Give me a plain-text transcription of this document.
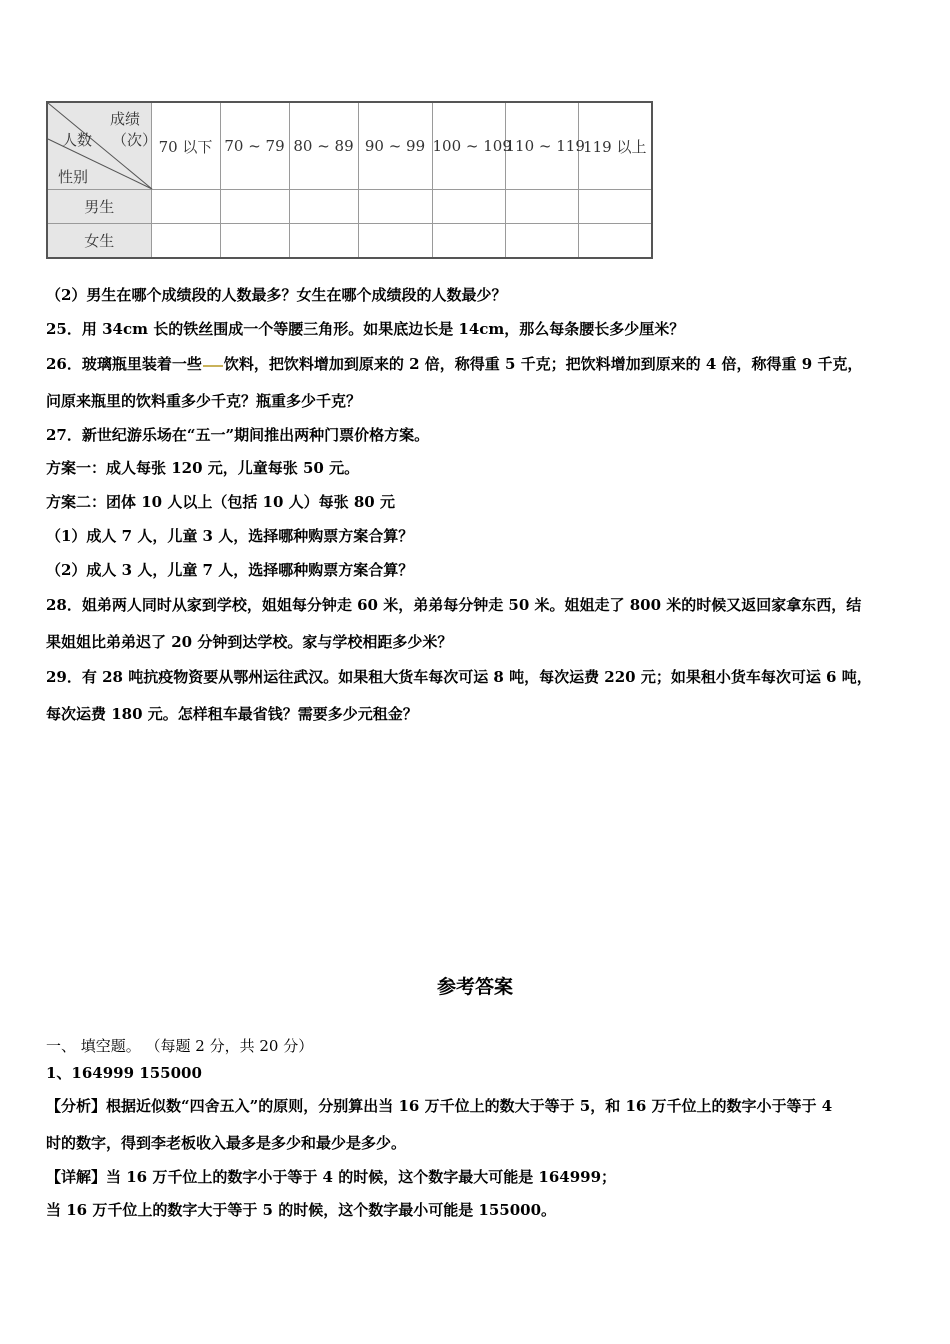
成绩
（次）
人数
性别	70 以下	70 ~ 79	80 ~ 89	90 ~ 99	100 ~ 109	110 ~ 119	119 以上
男生							
女生							
（2）男生在哪个成绩段的人数最多？女生在哪个成绩段的人数最少？
25．用 34cm 长的铁丝围成一个等腰三角形。如果底边长是 14cm，那么每条腰长多少厘米？
26．玻璃瓶里装着一些 饮料，把饮料增加到原来的 2 倍，称得重 5 千克；把饮料增加到原来的 4 倍，称得重 9 千克，
问原来瓶里的饮料重多少千克？瓶重多少千克？
27．新世纪游乐场在“五一”期间推出两种门票价格方案。
方案一：成人每张 120 元，儿童每张 50 元。
方案二：团体 10 人以上（包括 10 人）每张 80 元
（1）成人 7 人，儿童 3 人，选择哪种购票方案合算？
（2）成人 3 人，儿童 7 人，选择哪种购票方案合算？
28．姐弟两人同时从家到学校，姐姐每分钟走 60 米，弟弟每分钟走 50 米。姐姐走了 800 米的时候又返回家拿东西，结
果姐姐比弟弟迟了 20 分钟到达学校。家与学校相距多少米？
29．有 28 吨抗疫物资要从鄂州运往武汉。如果租大货车每次可运 8 吨，每次运费 220 元；如果租小货车每次可运 6 吨，
每次运费 180 元。怎样租车最省钱？需要多少元租金？
参考答案
一、 填空题。 （每题 2 分，共 20 分）
1、164999 155000
【分析】根据近似数“四舍五入”的原则，分别算出当 16 万千位上的数大于等于 5，和 16 万千位上的数字小于等于 4
时的数字，得到李老板收入最多是多少和最少是多少。
【详解】当 16 万千位上的数字小于等于 4 的时候，这个数字最大可能是 164999；
当 16 万千位上的数字大于等于 5 的时候，这个数字最小可能是 155000。
